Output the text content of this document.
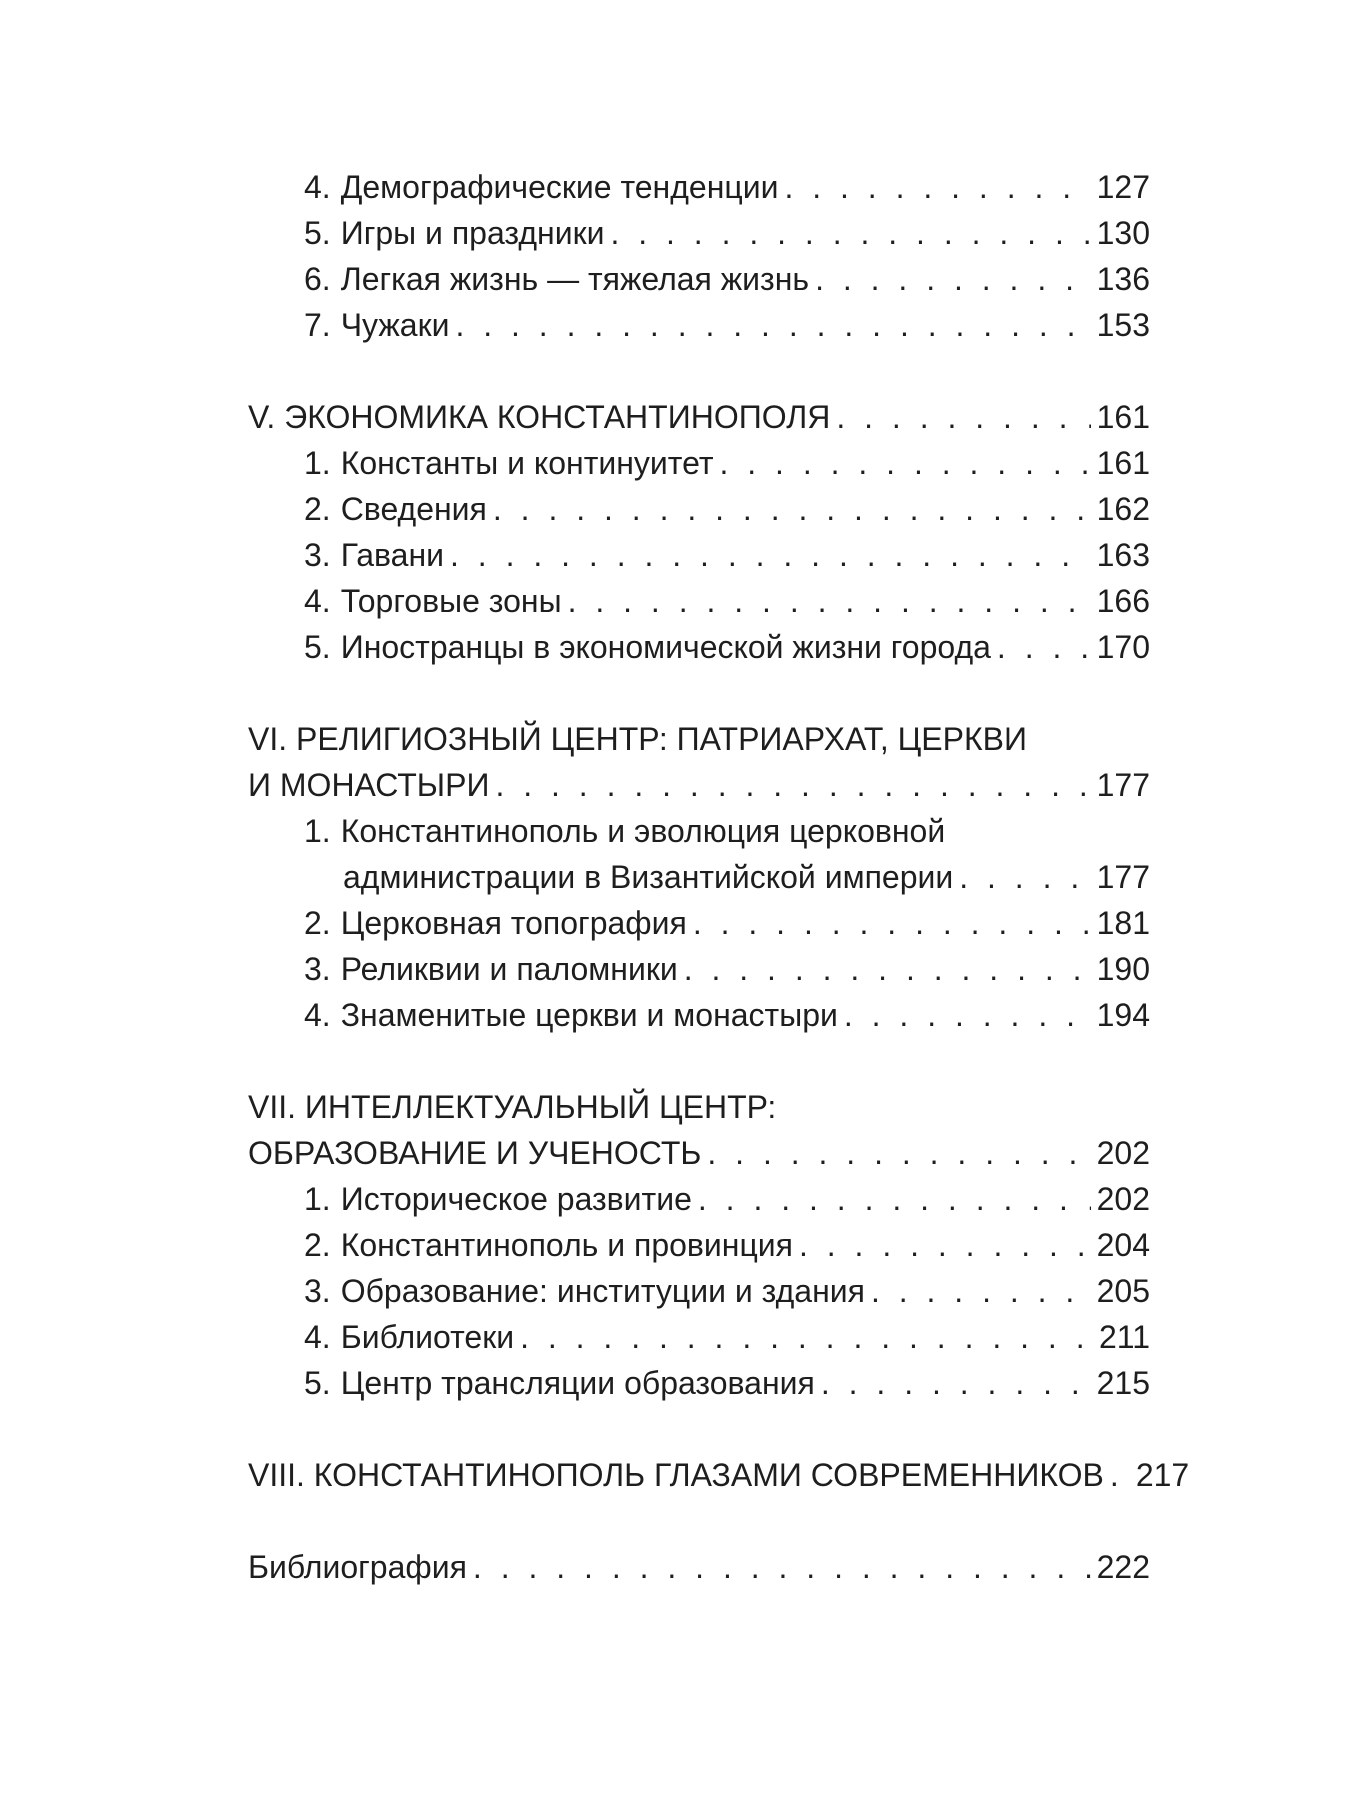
4. Демографические тенденции . . .	127
5. Игры и праздники . . .	130
6. Легкая жизнь — тяжелая жизнь . . .	136
7. Чужаки . . .	153
V. ЭКОНОМИКА КОНСТАНТИНОПОЛЯ . . .	161
1. Константы и континуитет . . .	161
2. Сведения . . .	162
3. Гавани . . .	163
4. Торговые зоны . . .	166
5. Иностранцы в экономической жизни города . . .	170
VI. РЕЛИГИОЗНЫЙ ЦЕНТР: ПАТРИАРХАТ, ЦЕРКВИ
И МОНАСТЫРИ . . .	177
1. Константинополь и эволюция церковной
администрации в Византийской империи . . .	177
2. Церковная топография . . .	181
3. Реликвии и паломники . . .	190
4. Знаменитые церкви и монастыри . . .	194
VII. ИНТЕЛЛЕКТУАЛЬНЫЙ ЦЕНТР:
ОБРАЗОВАНИЕ И УЧЕНОСТЬ . . .	202
1. Историческое развитие . . .	202
2. Константинополь и провинция . . .	204
3. Образование: институции и здания . . .	205
4. Библиотеки . . .	211
5. Центр трансляции образования . . .	215
VIII. КОНСТАНТИНОПОЛЬ ГЛАЗАМИ СОВРЕМЕННИКОВ . . . 217
Библиография . . .	222
